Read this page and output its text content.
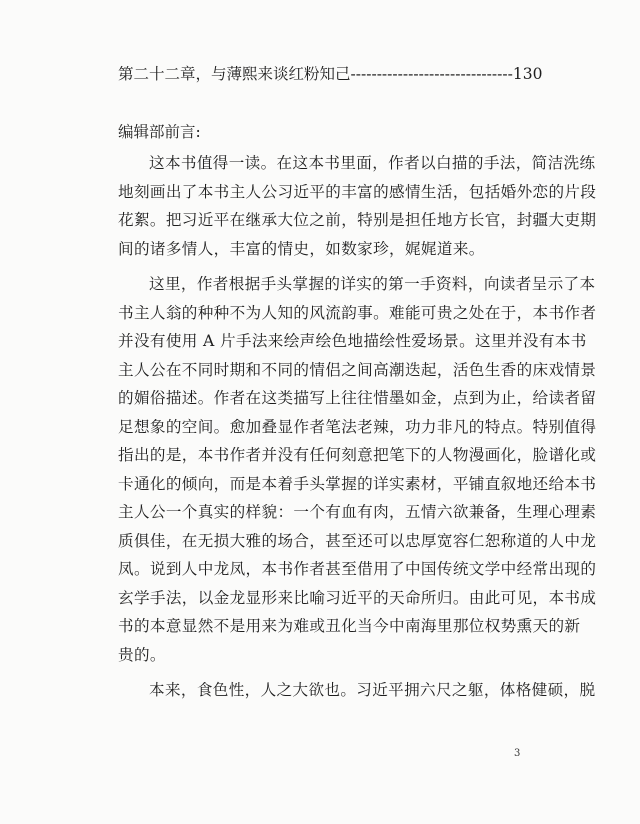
第二十二章，与薄熙来谈红粉知己-------------------------------130
编辑部前言:
这本书值得一读。在这本书里面，作者以白描的手法，简洁洗练
地刻画出了本书主人公习近平的丰富的感情生活，包括婚外恋的片段
花絮。把习近平在继承大位之前，特别是担任地方长官，封疆大吏期
间的诸多情人，丰富的情史，如数家珍，娓娓道来。
这里，作者根据手头掌握的详实的第一手资料，向读者呈示了本
书主人翁的种种不为人知的风流韵事。难能可贵之处在于，本书作者
并没有使用 A 片手法来绘声绘色地描绘性爱场景。这里并没有本书
主人公在不同时期和不同的情侣之间高潮迭起，活色生香的床戏情景
的媚俗描述。作者在这类描写上往往惜墨如金，点到为止，给读者留
足想象的空间。愈加叠显作者笔法老辣，功力非凡的特点。特别值得
指出的是，本书作者并没有任何刻意把笔下的人物漫画化，脸谱化或
卡通化的倾向，而是本着手头掌握的详实素材，平铺直叙地还给本书
主人公一个真实的样貌：一个有血有肉，五情六欲兼备，生理心理素
质俱佳，在无损大雅的场合，甚至还可以忠厚宽容仁恕称道的人中龙
凤。说到人中龙凤，本书作者甚至借用了中国传统文学中经常出现的
玄学手法，以金龙显形来比喻习近平的天命所归。由此可见，本书成
书的本意显然不是用来为难或丑化当今中南海里那位权势熏天的新
贵的。
本来，食色性，人之大欲也。习近平拥六尺之躯，体格健硕，脱
3
